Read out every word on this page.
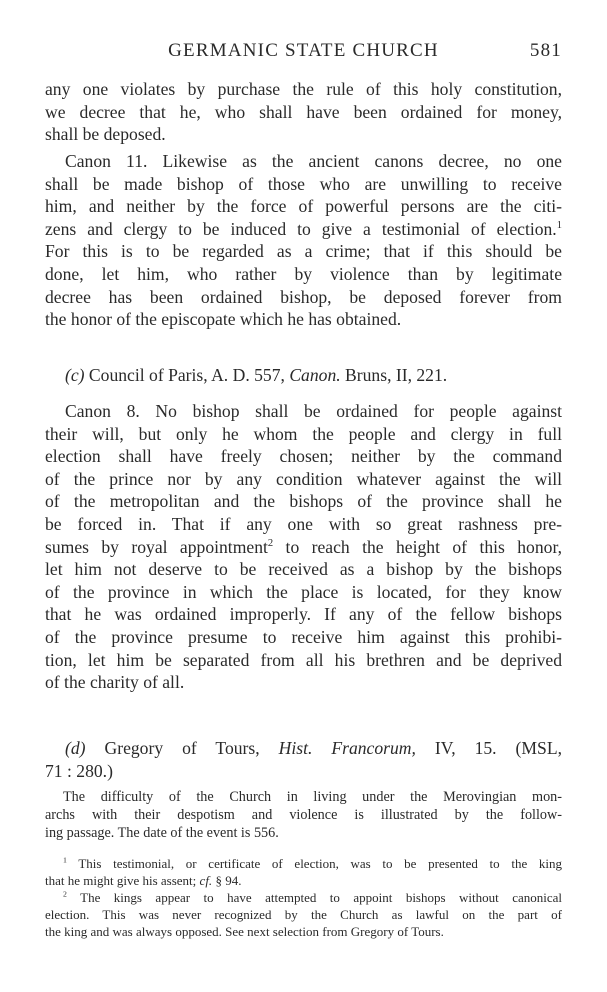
GERMANIC STATE CHURCH	581
any one violates by purchase the rule of this holy constitution,
we decree that he, who shall have been ordained for money,
shall be deposed.
Canon 11. Likewise as the ancient canons decree, no one
shall be made bishop of those who are unwilling to receive
him, and neither by the force of powerful persons are the citi-
zens and clergy to be induced to give a testimonial of election.$^1$
For this is to be regarded as a crime; that if this should be
done, let him, who rather by violence than by legitimate
decree has been ordained bishop, be deposed forever from
the honor of the episcopate which he has obtained.
(c) Council of Paris, A. D. 557, Canon. Bruns, II, 221.
Canon 8. No bishop shall be ordained for people against
their will, but only he whom the people and clergy in full
election shall have freely chosen; neither by the command
of the prince nor by any condition whatever against the will
of the metropolitan and the bishops of the province shall he
be forced in. That if any one with so great rashness pre-
sumes by royal appointment$^2$ to reach the height of this honor,
let him not deserve to be received as a bishop by the bishops
of the province in which the place is located, for they know
that he was ordained improperly. If any of the fellow bishops
of the province presume to receive him against this prohibi-
tion, let him be separated from all his brethren and be deprived
of the charity of all.
(d) Gregory of Tours, Hist. Francorum, IV, 15. (MSL,
71 : 280.)
The difficulty of the Church in living under the Merovingian mon-
archs with their despotism and violence is illustrated by the follow-
ing passage. The date of the event is 556.
$^1$ This testimonial, or certificate of election, was to be presented to the king
that he might give his assent; cf. § 94.
$^2$ The kings appear to have attempted to appoint bishops without canonical
election. This was never recognized by the Church as lawful on the part of
the king and was always opposed. See next selection from Gregory of Tours.
